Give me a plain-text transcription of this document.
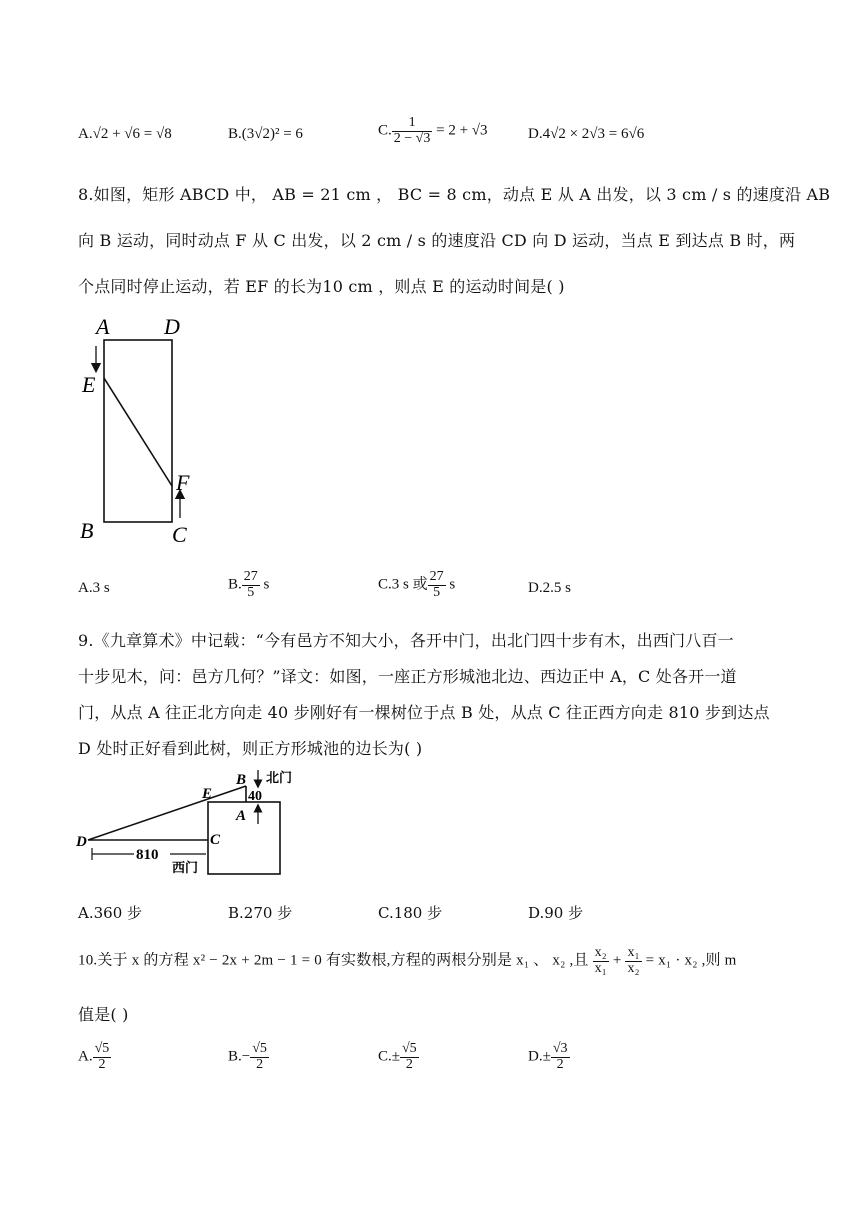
A.√2 + √6 = √8	B.(3√2)² = 6	C. $\frac{1}{2 - √3} = 2 + √3$	D.4√2 × 2√3 = 6√6
8.如图，矩形 ABCD 中， AB = 21 cm ， BC = 8 cm，动点 E 从 A 出发，以 3 cm / s 的速度沿 AB
向 B 运动，同时动点 F 从 C 出发，以 2 cm / s 的速度沿 CD 向 D 运动，当点 E 到达点 B 时，两
个点同时停止运动，若 EF 的长为10 cm ，则点 E 的运动时间是( )
A D
E
F
B	C
A.3 s	B. $\frac{27}{5}$ s	C.3 s 或 $\frac{27}{5}$ s	D.2.5 s
9.《九章算术》中记载：“今有邑方不知大小，各开中门，出北门四十步有木，出西门八百一
十步见木，问：邑方几何？”译文：如图，一座正方形城池北边、西边正中 A，C 处各开一道
门，从点 A 往正北方向走 40 步刚好有一棵树位于点 B 处，从点 C 往正西方向走 810 步到达点
D 处时正好看到此树，则正方形城池的边长为( )
B 北门
E	40
A
C
D
810
西门
A.360 步	B.270 步	C.180 步	D.90 步
10.关于 x 的方程 x² − 2x + 2m − 1 = 0 有实数根,方程的两根分别是 x₁ 、 x₂ ,且 $\frac{\text{x₂}}{\text{x₁}} + \frac{\text{x₁}}{\text{x₂}} = x_1 \cdot x_2$ ,则 m
值是( )
A. $\frac{√5}{2}$	$B.- \frac{√5}{2}$	$C.\pm \frac{√5}{2}$	$D.\pm \frac{√3}{2}$
